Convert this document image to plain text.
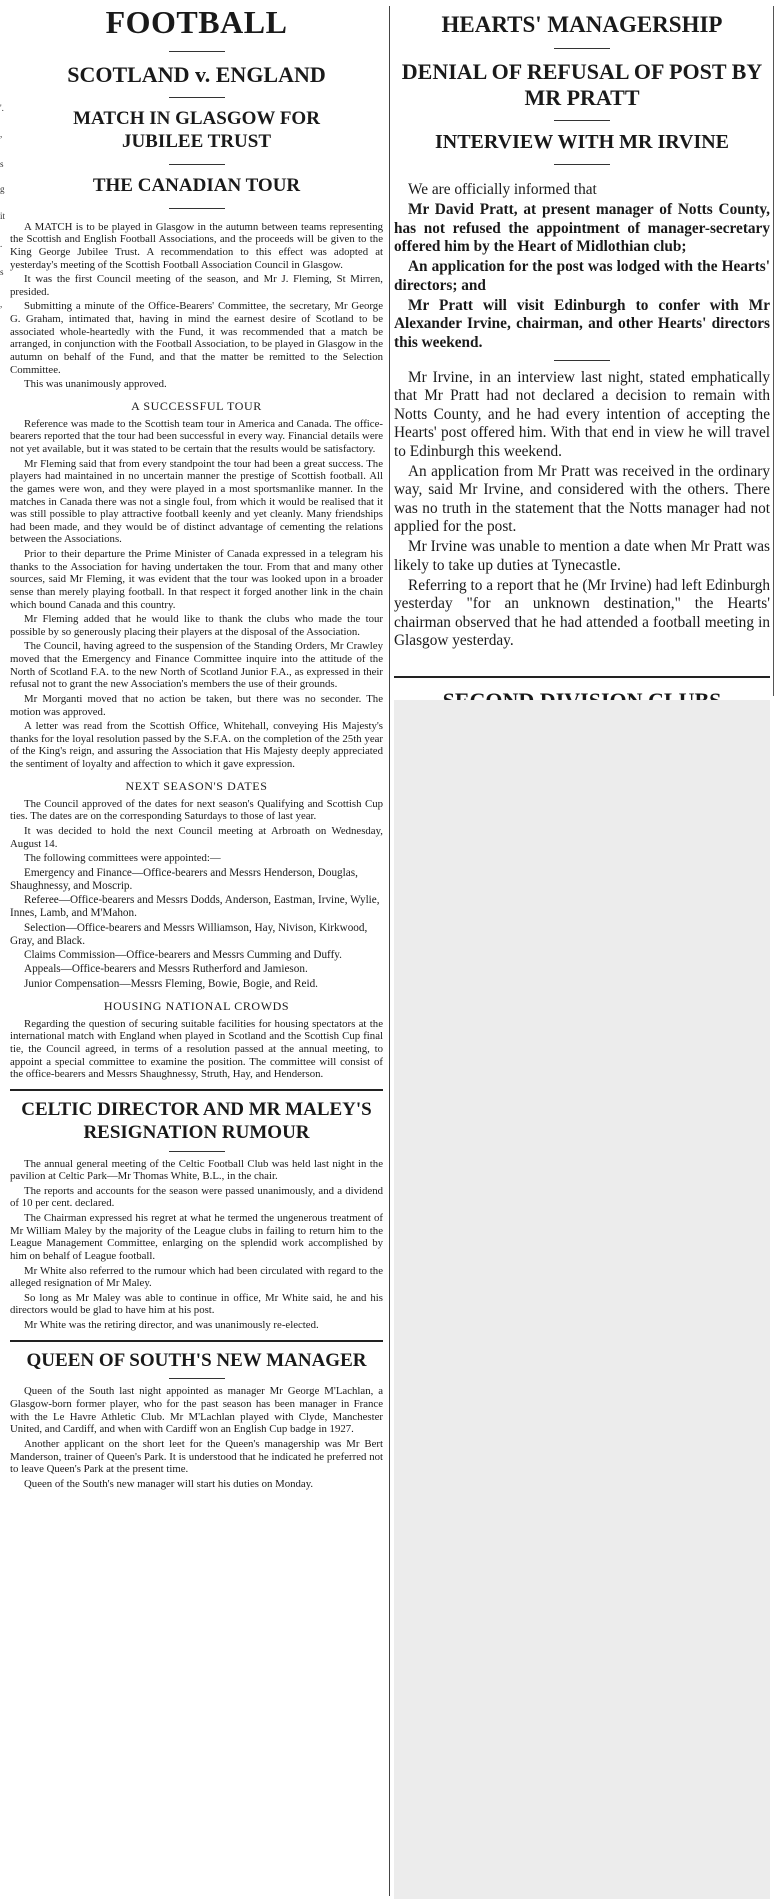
'.
,
s
g
it
.
s
,
FOOTBALL
SCOTLAND v. ENGLAND
MATCH IN GLASGOW FOR JUBILEE TRUST
THE CANADIAN TOUR

A MATCH is to be played in Glasgow in the autumn between teams representing the Scottish and English Football Associations, and the proceeds will be given to the King George Jubilee Trust. A recommendation to this effect was adopted at yesterday's meeting of the Scottish Football Association Council in Glasgow.

It was the first Council meeting of the season, and Mr J. Fleming, St Mirren, presided.

Submitting a minute of the Office-Bearers' Committee, the secretary, Mr George G. Graham, intimated that, having in mind the earnest desire of Scotland to be associated whole-heartedly with the Fund, it was recommended that a match be arranged, in conjunction with the Football Association, to be played in Glasgow in the autumn on behalf of the Fund, and that the matter be remitted to the Selection Committee.

This was unanimously approved.

A SUCCESSFUL TOUR

Reference was made to the Scottish team tour in America and Canada. The office-bearers reported that the tour had been successful in every way. Financial details were not yet available, but it was stated to be certain that the results would be satisfactory.

Mr Fleming said that from every standpoint the tour had been a great success. The players had maintained in no uncertain manner the prestige of Scottish football. All the games were won, and they were played in a most sportsmanlike manner. In the matches in Canada there was not a single foul, from which it would be realised that it was still possible to play attractive football keenly and yet cleanly. Many friendships had been made, and they would be of distinct advantage of cementing the relations between the Associations.

Prior to their departure the Prime Minister of Canada expressed in a telegram his thanks to the Association for having undertaken the tour. From that and many other sources, said Mr Fleming, it was evident that the tour was looked upon in a broader sense than merely playing football. In that respect it forged another link in the chain which bound Canada and this country.

Mr Fleming added that he would like to thank the clubs who made the tour possible by so generously placing their players at the disposal of the Association.

The Council, having agreed to the suspension of the Standing Orders, Mr Crawley moved that the Emergency and Finance Committee inquire into the attitude of the North of Scotland F.A. to the new North of Scotland Junior F.A., as expressed in their refusal not to grant the new Association's members the use of their grounds.

Mr Morganti moved that no action be taken, but there was no seconder. The motion was approved.

A letter was read from the Scottish Office, Whitehall, conveying His Majesty's thanks for the loyal resolution passed by the S.F.A. on the completion of the 25th year of the King's reign, and assuring the Association that His Majesty deeply appreciated the sentiment of loyalty and affection to which it gave expression.

NEXT SEASON'S DATES

The Council approved of the dates for next season's Qualifying and Scottish Cup ties. The dates are on the corresponding Saturdays to those of last year.

It was decided to hold the next Council meeting at Arbroath on Wednesday, August 14.

The following committees were appointed:—

Emergency and Finance—Office-bearers and Messrs Henderson, Douglas, Shaughnessy, and Moscrip.
Referee—Office-bearers and Messrs Dodds, Anderson, Eastman, Irvine, Wylie, Innes, Lamb, and M'Mahon.
Selection—Office-bearers and Messrs Williamson, Hay, Nivison, Kirkwood, Gray, and Black.
Claims Commission—Office-bearers and Messrs Cumming and Duffy.
Appeals—Office-bearers and Messrs Rutherford and Jamieson.
Junior Compensation—Messrs Fleming, Bowie, Bogie, and Reid.
HOUSING NATIONAL CROWDS

Regarding the question of securing suitable facilities for housing spectators at the international match with England when played in Scotland and the Scottish Cup final tie, the Council agreed, in terms of a resolution passed at the annual meeting, to appoint a special committee to examine the position. The committee will consist of the office-bearers and Messrs Shaughnessy, Struth, Hay, and Henderson.

CELTIC DIRECTOR AND MR MALEY'S RESIGNATION RUMOUR

The annual general meeting of the Celtic Football Club was held last night in the pavilion at Celtic Park—Mr Thomas White, B.L., in the chair.

The reports and accounts for the season were passed unanimously, and a dividend of 10 per cent. declared.

The Chairman expressed his regret at what he termed the ungenerous treatment of Mr William Maley by the majority of the League clubs in failing to return him to the League Management Committee, enlarging on the splendid work accomplished by him on behalf of League football.

Mr White also referred to the rumour which had been circulated with regard to the alleged resignation of Mr Maley.

So long as Mr Maley was able to continue in office, Mr White said, he and his directors would be glad to have him at his post.

Mr White was the retiring director, and was unanimously re-elected.

QUEEN OF SOUTH'S NEW MANAGER

Queen of the South last night appointed as manager Mr George M'Lachlan, a Glasgow-born former player, who for the past season has been manager in France with the Le Havre Athletic Club. Mr M'Lachlan played with Clyde, Manchester United, and Cardiff, and when with Cardiff won an English Cup badge in 1927.

Another applicant on the short leet for the Queen's managership was Mr Bert Manderson, trainer of Queen's Park. It is understood that he indicated he preferred not to leave Queen's Park at the present time.

Queen of the South's new manager will start his duties on Monday.

HEARTS' MANAGERSHIP
DENIAL OF REFUSAL OF POST BY MR PRATT
INTERVIEW WITH MR IRVINE

We are officially informed that

Mr David Pratt, at present manager of Notts County, has not refused the appointment of manager-secretary offered him by the Heart of Midlothian club;

An application for the post was lodged with the Hearts' directors; and

Mr Pratt will visit Edinburgh to confer with Mr Alexander Irvine, chairman, and other Hearts' directors this weekend.

Mr Irvine, in an interview last night, stated emphatically that Mr Pratt had not declared a decision to remain with Notts County, and he had every intention of accepting the Hearts' post offered him. With that end in view he will travel to Edinburgh this weekend.

An application from Mr Pratt was received in the ordinary way, said Mr Irvine, and considered with the others. There was no truth in the statement that the Notts manager had not applied for the post.

Mr Irvine was unable to mention a date when Mr Pratt was likely to take up duties at Tynecastle.

Referring to a report that he (Mr Irvine) had left Edinburgh yesterday "for an unknown destination," the Hearts' chairman observed that he had attended a football meeting in Glasgow yesterday.
